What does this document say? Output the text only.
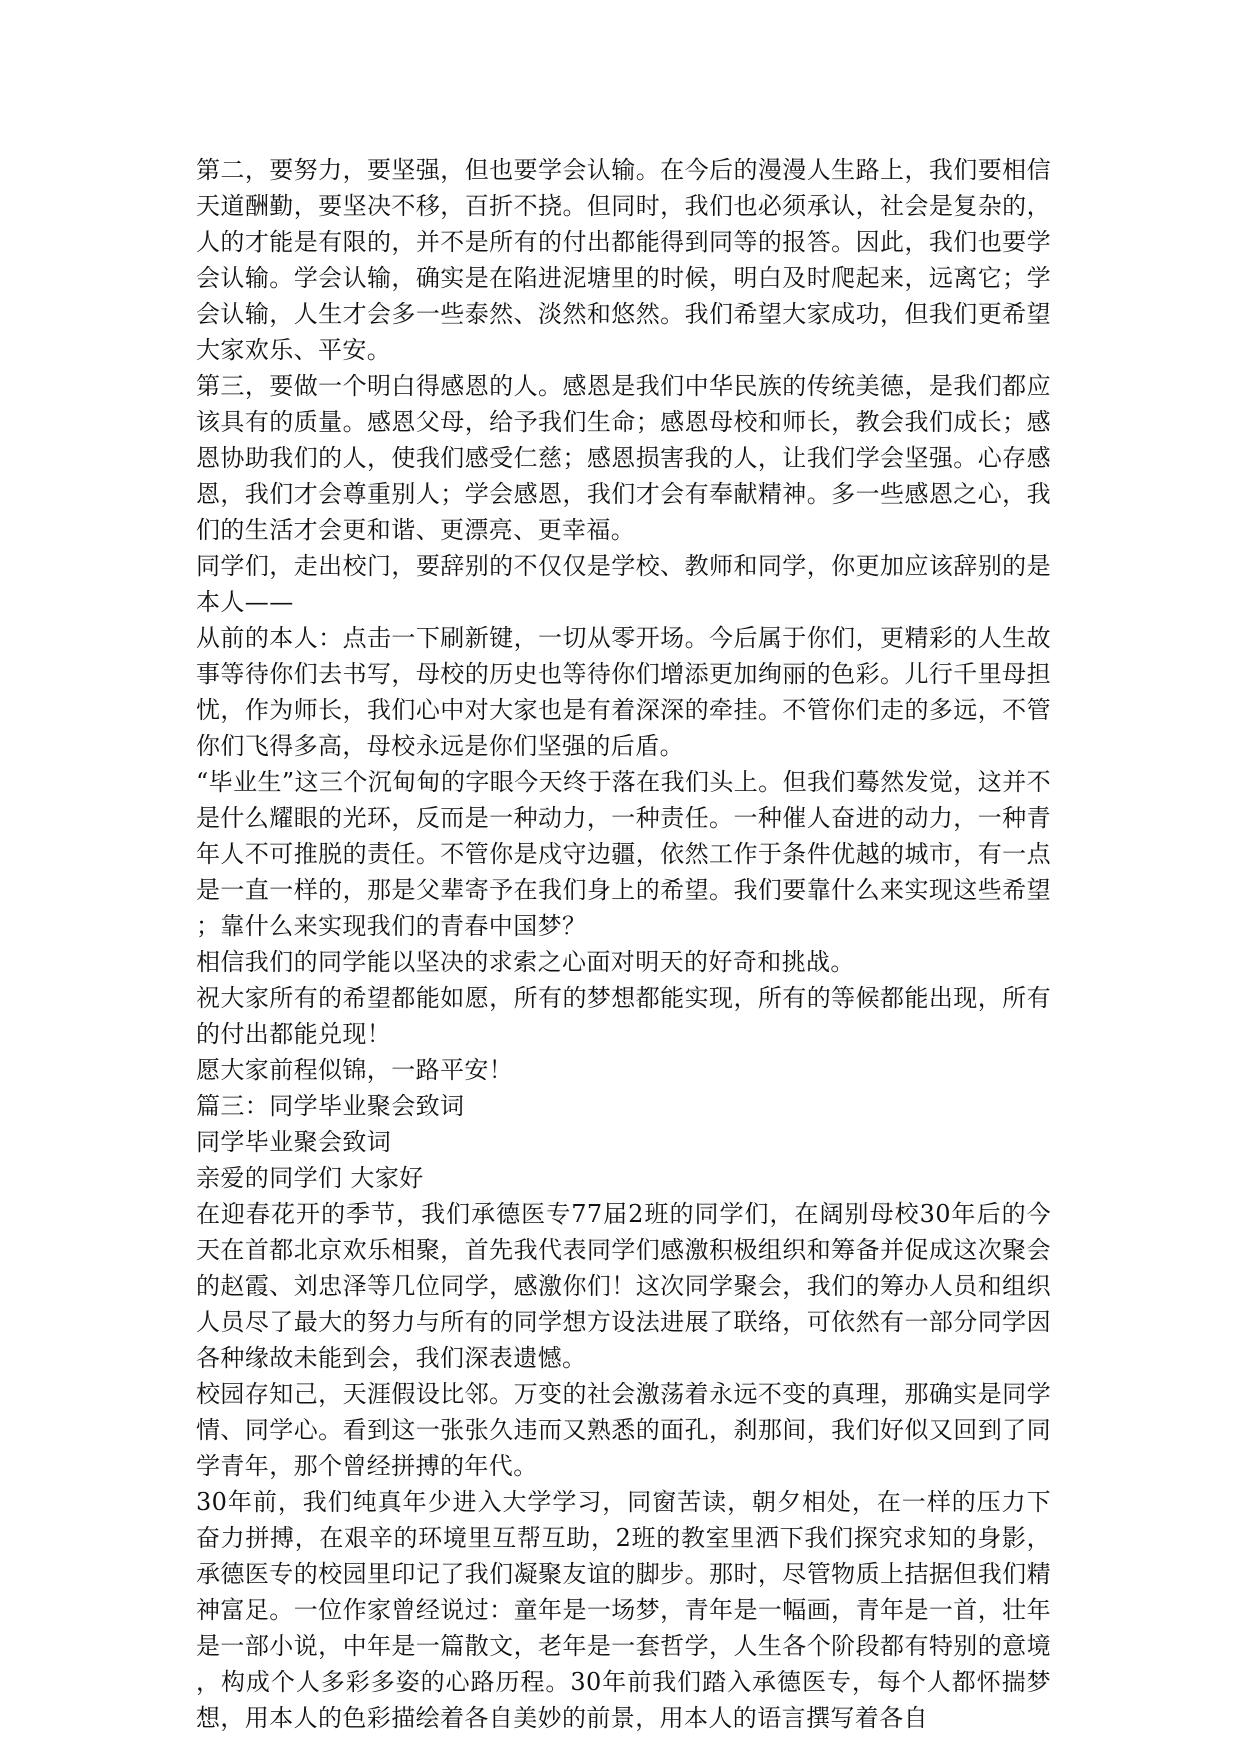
第二，要努力，要坚强，但也要学会认输。在今后的漫漫人生路上，我们要相信天道酬勤，要坚决不移，百折不挠。但同时，我们也必须承认，社会是复杂的，人的才能是有限的，并不是所有的付出都能得到同等的报答。因此，我们也要学会认输。学会认输，确实是在陷进泥塘里的时候，明白及时爬起来，远离它；学会认输，人生才会多一些泰然、淡然和悠然。我们希望大家成功，但我们更希望大家欢乐、平安。

第三，要做一个明白得感恩的人。感恩是我们中华民族的传统美德，是我们都应该具有的质量。感恩父母，给予我们生命；感恩母校和师长，教会我们成长；感恩协助我们的人，使我们感受仁慈；感恩损害我的人，让我们学会坚强。心存感恩，我们才会尊重别人；学会感恩，我们才会有奉献精神。多一些感恩之心，我们的生活才会更和谐、更漂亮、更幸福。

同学们，走出校门，要辞别的不仅仅是学校、教师和同学，你更加应该辞别的是本人——

从前的本人：点击一下刷新键，一切从零开场。今后属于你们，更精彩的人生故事等待你们去书写，母校的历史也等待你们增添更加绚丽的色彩。儿行千里母担忧，作为师长，我们心中对大家也是有着深深的牵挂。不管你们走的多远，不管你们飞得多高，母校永远是你们坚强的后盾。

“毕业生”这三个沉甸甸的字眼今天终于落在我们头上。但我们蓦然发觉，这并不是什么耀眼的光环，反而是一种动力，一种责任。一种催人奋进的动力，一种青年人不可推脱的责任。不管你是戍守边疆，依然工作于条件优越的城市，有一点是一直一样的，那是父辈寄予在我们身上的希望。我们要靠什么来实现这些希望；靠什么来实现我们的青春中国梦？

相信我们的同学能以坚决的求索之心面对明天的好奇和挑战。

祝大家所有的希望都能如愿，所有的梦想都能实现，所有的等候都能出现，所有的付出都能兑现！

愿大家前程似锦，一路平安！

篇三：同学毕业聚会致词

同学毕业聚会致词

亲爱的同学们 大家好

在迎春花开的季节，我们承德医专77届2班的同学们，在阔别母校30年后的今天在首都北京欢乐相聚，首先我代表同学们感激积极组织和筹备并促成这次聚会的赵霞、刘忠泽等几位同学，感激你们！这次同学聚会，我们的筹办人员和组织人员尽了最大的努力与所有的同学想方设法进展了联络，可依然有一部分同学因各种缘故未能到会，我们深表遗憾。

校园存知己，天涯假设比邻。万变的社会激荡着永远不变的真理，那确实是同学情、同学心。看到这一张张久违而又熟悉的面孔，刹那间，我们好似又回到了同学青年，那个曾经拼搏的年代。

30年前，我们纯真年少进入大学学习，同窗苦读，朝夕相处，在一样的压力下奋力拼搏，在艰辛的环境里互帮互助，2班的教室里洒下我们探究求知的身影，承德医专的校园里印记了我们凝聚友谊的脚步。那时，尽管物质上拮据但我们精神富足。一位作家曾经说过：童年是一场梦，青年是一幅画，青年是一首，壮年是一部小说，中年是一篇散文，老年是一套哲学，人生各个阶段都有特别的意境，构成个人多彩多姿的心路历程。30年前我们踏入承德医专，每个人都怀揣梦想，用本人的色彩描绘着各自美妙的前景，用本人的语言撰写着各自
